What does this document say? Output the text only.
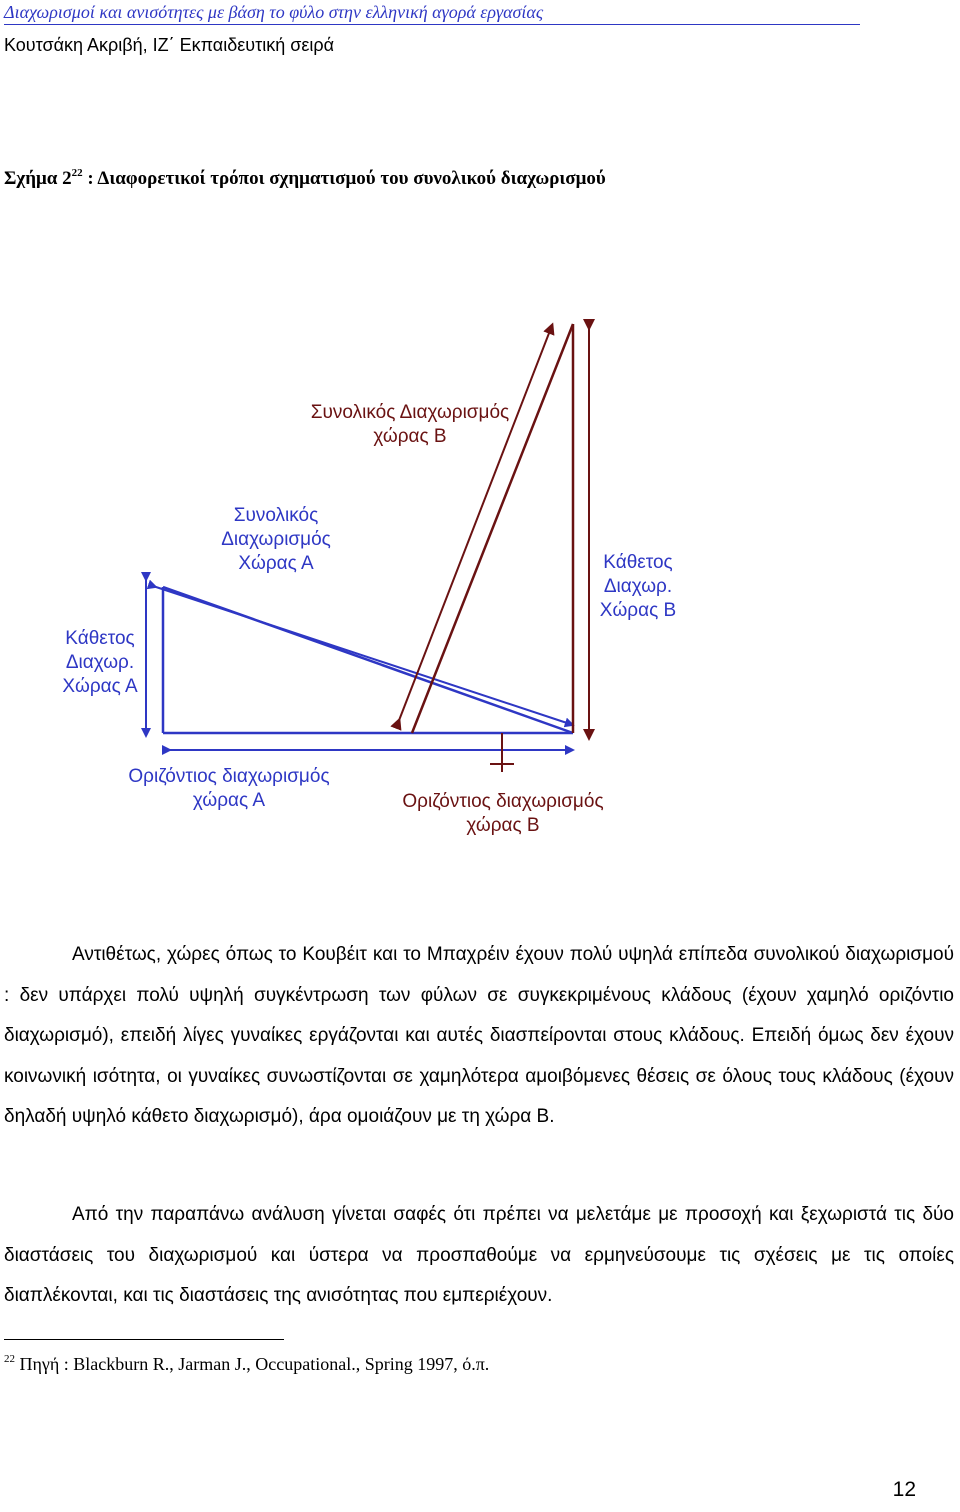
Διαχωρισμοί και ανισότητες με βάση το φύλο στην ελληνική αγορά εργασίας
Κουτσάκη Ακριβή, ΙΖ΄ Εκπαιδευτική σειρά
Σχήμα $2^{22}$ : Διαφορετικοί τρόποι σχηματισμού του συνολικού διαχωρισμού
Συνολικός Διαχωρισμός
χώρας Β
Συνολικός
Διαχωρισμός
Χώρας Α
Κάθετος
Διαχωρ.
Χώρας Α
Κάθετος
Διαχωρ.
Χώρας Β
Οριζόντιος διαχωρισμός
χώρας Α	Οριζόντιος διαχωρισμός
χώρας Β

Αντιθέτως, χώρες όπως το Κουβέιτ και το Μπαχρέιν έχουν πολύ υψηλά επίπεδα συνολικού διαχωρισμού : δεν υπάρχει πολύ υψηλή συγκέντρωση των φύλων σε συγκεκριμένους κλάδους (έχουν χαμηλό οριζόντιο διαχωρισμό), επειδή λίγες γυναίκες εργάζονται και αυτές διασπείρονται στους κλάδους. Επειδή όμως δεν έχουν κοινωνική ισότητα, οι γυναίκες συνωστίζονται σε χαμηλότερα αμοιβόμενες θέσεις σε όλους τους κλάδους (έχουν δηλαδή υψηλό κάθετο διαχωρισμό), άρα ομοιάζουν με τη χώρα Β.

Από την παραπάνω ανάλυση γίνεται σαφές ότι πρέπει να μελετάμε με προσοχή και ξεχωριστά τις δύο διαστάσεις του διαχωρισμού και ύστερα να προσπαθούμε να ερμηνεύσουμε τις σχέσεις με τις οποίες διαπλέκονται, και τις διαστάσεις της ανισότητας που εμπεριέχουν.

$^{22}$ Πηγή : Blackburn R., Jarman J., Occupational., Spring 1997, ό.π.
12
